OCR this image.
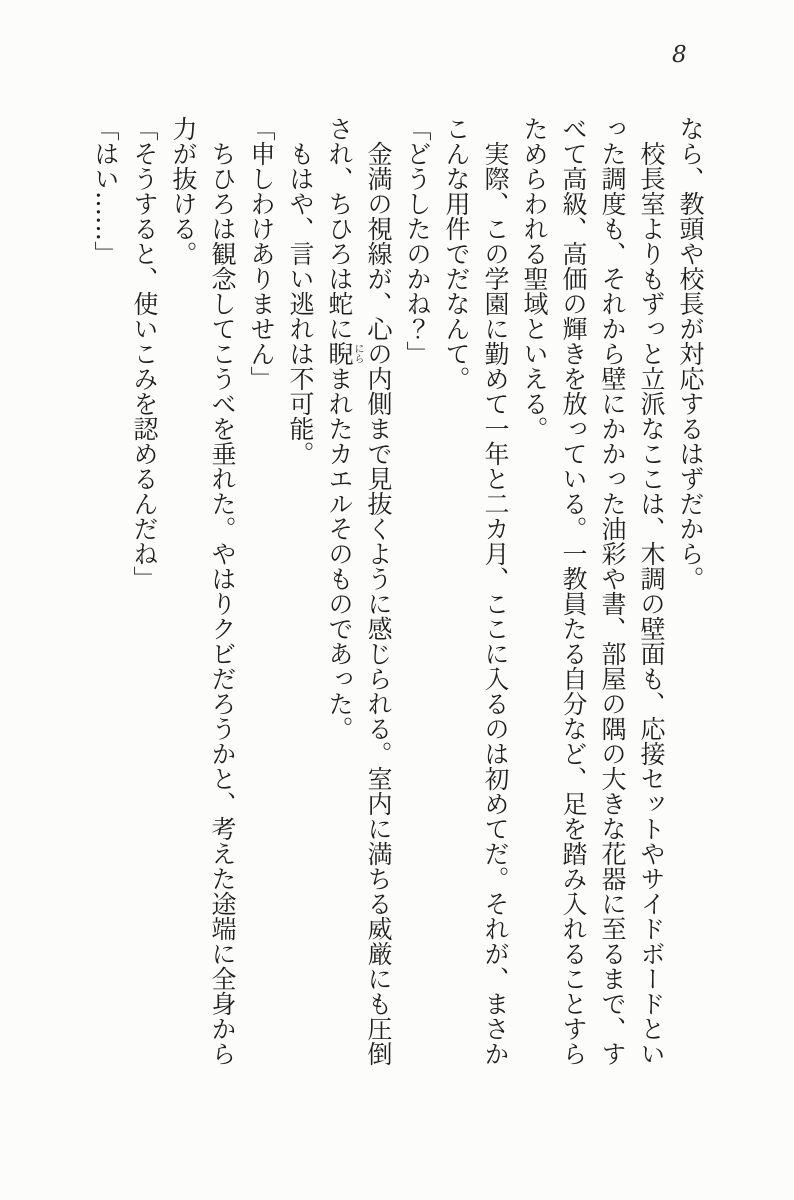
8

なら、教頭や校長が対応するはずだから。

校長室よりもずっと立派なここは、木調の壁面も、応接セットやサイドボードといった調度も、それから壁にかかった油彩や書、部屋の隅の大きな花器に至るまで、すべて高級、高価の輝きを放っている。一教員たる自分など、足を踏み入れることすらためらわれる聖域といえる。

実際、この学園に勤めて一年と二カ月、ここに入るのは初めてだ。それが、まさかこんな用件でだなんて。

「どうしたのかね？」

金満の視線が、心の内側まで見抜くように感じられる。室内に満ちる威厳にも圧倒され、ちひろは蛇に睨にらまれたカエルそのものであった。

もはや、言い逃れは不可能。

「申しわけありません」

ちひろは観念してこうべを垂れた。やはりクビだろうかと、考えた途端に全身から力が抜ける。

「そうすると、使いこみを認めるんだね」

「はい……」
